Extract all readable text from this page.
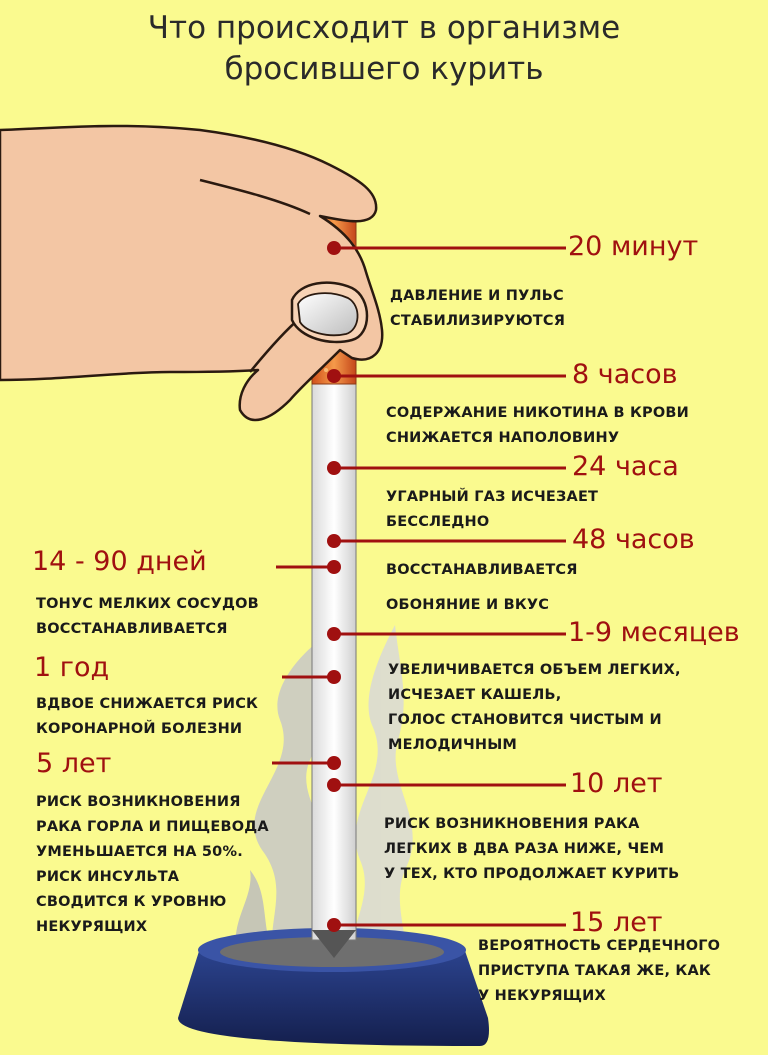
Что происходит в организме
бросившего курить
20 минут
ДАВЛЕНИЕ И ПУЛЬС
СТАБИЛИЗИРУЮТСЯ
8 часов
СОДЕРЖАНИЕ НИКОТИНА В КРОВИ
СНИЖАЕТСЯ НАПОЛОВИНУ
24 часа
УГАРНЫЙ ГАЗ ИСЧЕЗАЕТ
БЕССЛЕДНО
48 часов
ВОССТАНАВЛИВАЕТСЯ
ОБОНЯНИЕ И ВКУС
1-9 месяцев
УВЕЛИЧИВАЕТСЯ ОБЪЕМ ЛЕГКИХ,
ИСЧЕЗАЕТ КАШЕЛЬ,
ГОЛОС СТАНОВИТСЯ ЧИСТЫМ И
МЕЛОДИЧНЫМ
10 лет
РИСК ВОЗНИКНОВЕНИЯ РАКА
ЛЕГКИХ В ДВА РАЗА НИЖЕ, ЧЕМ
У ТЕХ, КТО ПРОДОЛЖАЕТ КУРИТЬ
15 лет
ВЕРОЯТНОСТЬ СЕРДЕЧНОГО
ПРИСТУПА ТАКАЯ ЖЕ, КАК
У НЕКУРЯЩИХ
14 - 90 дней
ТОНУС МЕЛКИХ СОСУДОВ
ВОССТАНАВЛИВАЕТСЯ
1 год
ВДВОЕ СНИЖАЕТСЯ РИСК
КОРОНАРНОЙ БОЛЕЗНИ
5 лет
РИСК ВОЗНИКНОВЕНИЯ
РАКА ГОРЛА И ПИЩЕВОДА
УМЕНЬШАЕТСЯ НА 50%.
РИСК ИНСУЛЬТА
СВОДИТСЯ К УРОВНЮ
НЕКУРЯЩИХ
